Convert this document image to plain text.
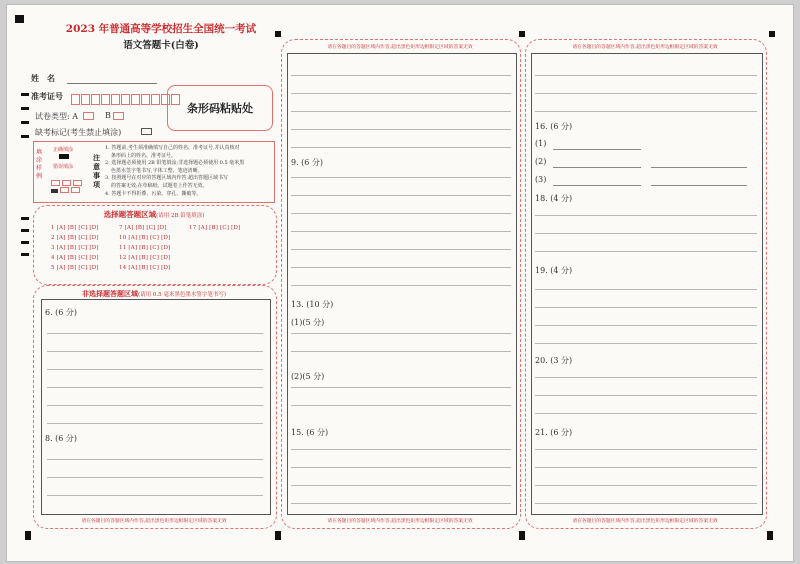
2023 年普通高等学校招生全国统一考试
语文答题卡(白卷)
姓　名
准考证号
条形码粘贴处
试卷类型: A	B
缺考标记(考生禁止填涂)
填涂样例
正确填涂
错误填涂
注意事项
1. 答题前,考生须准确填写自己的姓名、准考证号,并认真核对
条形码上的姓名、准考证号。
2. 选择题必须使用 2B 铅笔填涂;非选择题必须使用 0.5 毫米黑
色墨水签字笔书写,字体工整、笔迹清晰。
3. 按照题号在对应的答题区域内作答,超出答题区域书写
的答案无效;在草稿纸、试题卷上作答无效。
4. 答题卡不得折叠、污染、穿孔、撕破等。
选择题答题区域(请用 2B 铅笔填涂)
1 [A] [B] [C] [D]
2 [A] [B] [C] [D]
3 [A] [B] [C] [D]
4 [A] [B] [C] [D]
5 [A] [B] [C] [D]
7 [A] [B] [C] [D]
10 [A] [B] [C] [D]
11 [A] [B] [C] [D]
12 [A] [B] [C] [D]
14 [A] [B] [C] [D]
17 [A] [B] [C] [D]
非选择题答题区域(请用 0.5 毫米黑色墨水签字笔书写)
6. (6 分)
8. (6 分)
请在各题目的答题区域内作答,超出黑色矩形边框限定区域的答案无效
请在各题目的答题区域内作答,超出黑色矩形边框限定区域的答案无效
9. (6 分)
13. (10 分)
(1)(5 分)
(2)(5 分)
15. (6 分)
请在各题目的答题区域内作答,超出黑色矩形边框限定区域的答案无效
请在各题目的答题区域内作答,超出黑色矩形边框限定区域的答案无效
16. (6 分)
(1)
(2)
(3)
18. (4 分)
19. (4 分)
20. (3 分)
21. (6 分)
请在各题目的答题区域内作答,超出黑色矩形边框限定区域的答案无效
